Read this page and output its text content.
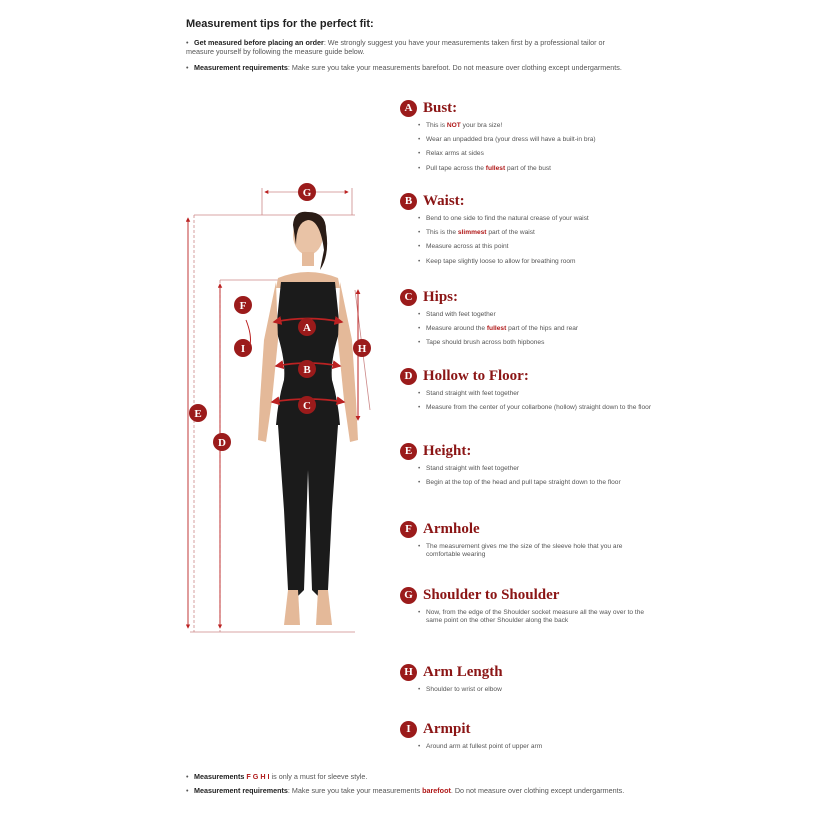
Measurement tips for the perfect fit:
• Get measured before placing an order: We strongly suggest you have your measurements taken first by a professional tailor or measure yourself by following the measure guide below.
• Measurement requirements: Make sure you take your measurements barefoot. Do not measure over clothing except undergarments.
G
F
A
I
B
H
C
E
D
A Bust:
• This is NOT your bra size!
• Wear an unpadded bra (your dress will have a built-in bra)
• Relax arms at sides
• Pull tape across the fullest part of the bust
B Waist:
• Bend to one side to find the natural crease of your waist
• This is the slimmest part of the waist
• Measure across at this point
• Keep tape slightly loose to allow for breathing room
C Hips:
• Stand with feet together
• Measure around the fullest part of the hips and rear
• Tape should brush across both hipbones
D Hollow to Floor:
• Stand straight with feet together
• Measure from the center of your collarbone (hollow) straight down to the floor
E Height:
• Stand straight with feet together
• Begin at the top of the head and pull tape straight down to the floor
F Armhole
• The measurement gives me the size of the sleeve hole that you are comfortable wearing
G Shoulder to Shoulder
• Now, from the edge of the Shoulder socket measure all the way over to the same point on the other Shoulder along the back
H Arm Length
• Shoulder to wrist or elbow
I Armpit
• Around arm at fullest point of upper arm
• Measurements F G H I is only a must for sleeve style.
• Measurement requirements: Make sure you take your measurements barefoot. Do not measure over clothing except undergarments.
